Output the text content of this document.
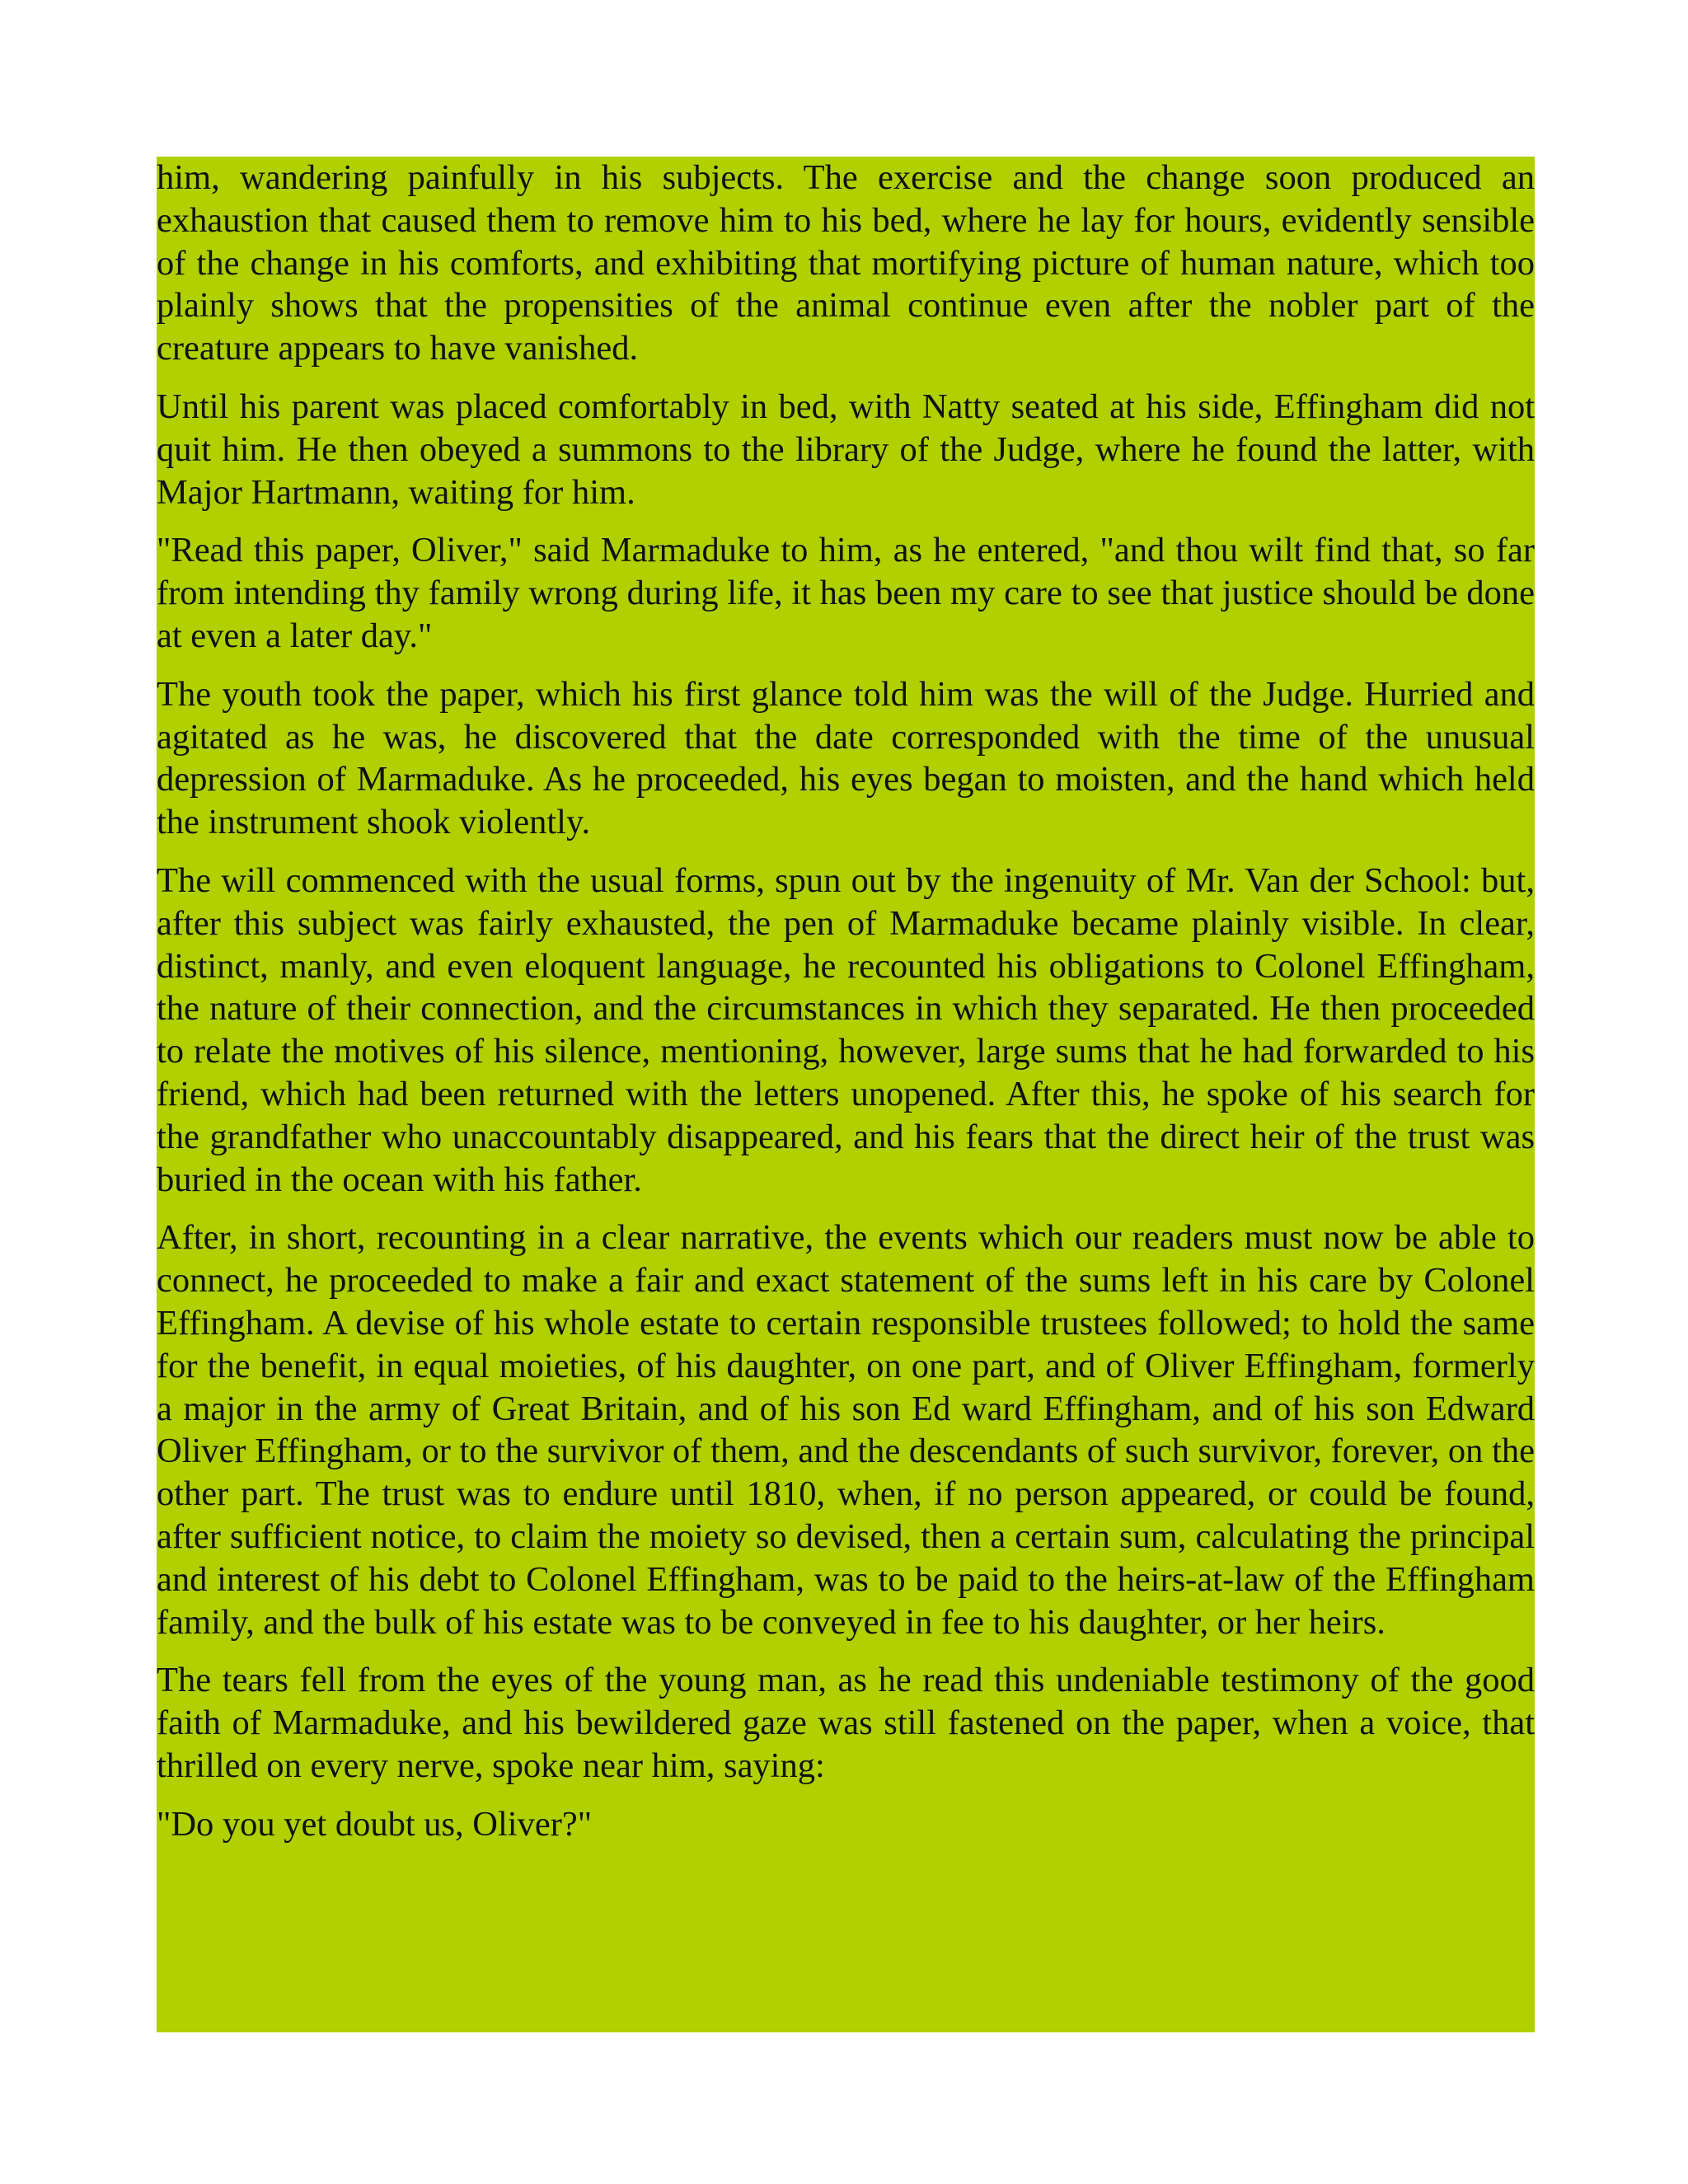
him, wandering painfully in his subjects. The exercise and the change soon produced an exhaustion that caused them to remove him to his bed, where he lay for hours, evidently sensible of the change in his comforts, and exhibiting that mortifying picture of human nature, which too plainly shows that the propensities of the animal continue even after the nobler part of the creature appears to have vanished.

Until his parent was placed comfortably in bed, with Natty seated at his side, Effingham did not quit him. He then obeyed a summons to the library of the Judge, where he found the latter, with Major Hartmann, waiting for him.

"Read this paper, Oliver," said Marmaduke to him, as he entered, "and thou wilt find that, so far from intending thy family wrong during life, it has been my care to see that justice should be done at even a later day."

The youth took the paper, which his first glance told him was the will of the Judge. Hurried and agitated as he was, he discovered that the date corresponded with the time of the unusual depression of Marmaduke. As he proceeded, his eyes began to moisten, and the hand which held the instrument shook violently.

The will commenced with the usual forms, spun out by the ingenuity of Mr. Van der School: but, after this subject was fairly exhausted, the pen of Marmaduke became plainly visible. In clear, distinct, manly, and even eloquent language, he recounted his obligations to Colonel Effingham, the nature of their connection, and the circumstances in which they separated. He then proceeded to relate the motives of his silence, mentioning, however, large sums that he had forwarded to his friend, which had been returned with the letters unopened. After this, he spoke of his search for the grandfather who unaccountably disappeared, and his fears that the direct heir of the trust was buried in the ocean with his father.

After, in short, recounting in a clear narrative, the events which our readers must now be able to connect, he proceeded to make a fair and exact statement of the sums left in his care by Colonel Effingham. A devise of his whole estate to certain responsible trustees followed; to hold the same for the benefit, in equal moieties, of his daughter, on one part, and of Oliver Effingham, formerly a major in the army of Great Britain, and of his son Ed ward Effingham, and of his son Edward Oliver Effingham, or to the survivor of them, and the descendants of such survivor, forever, on the other part. The trust was to endure until 1810, when, if no person appeared, or could be found, after sufficient notice, to claim the moiety so devised, then a certain sum, calculating the principal and interest of his debt to Colonel Effingham, was to be paid to the heirs-at-law of the Effingham family, and the bulk of his estate was to be conveyed in fee to his daughter, or her heirs.

The tears fell from the eyes of the young man, as he read this undeniable testimony of the good faith of Marmaduke, and his bewildered gaze was still fastened on the paper, when a voice, that thrilled on every nerve, spoke near him, saying:

"Do you yet doubt us, Oliver?"
